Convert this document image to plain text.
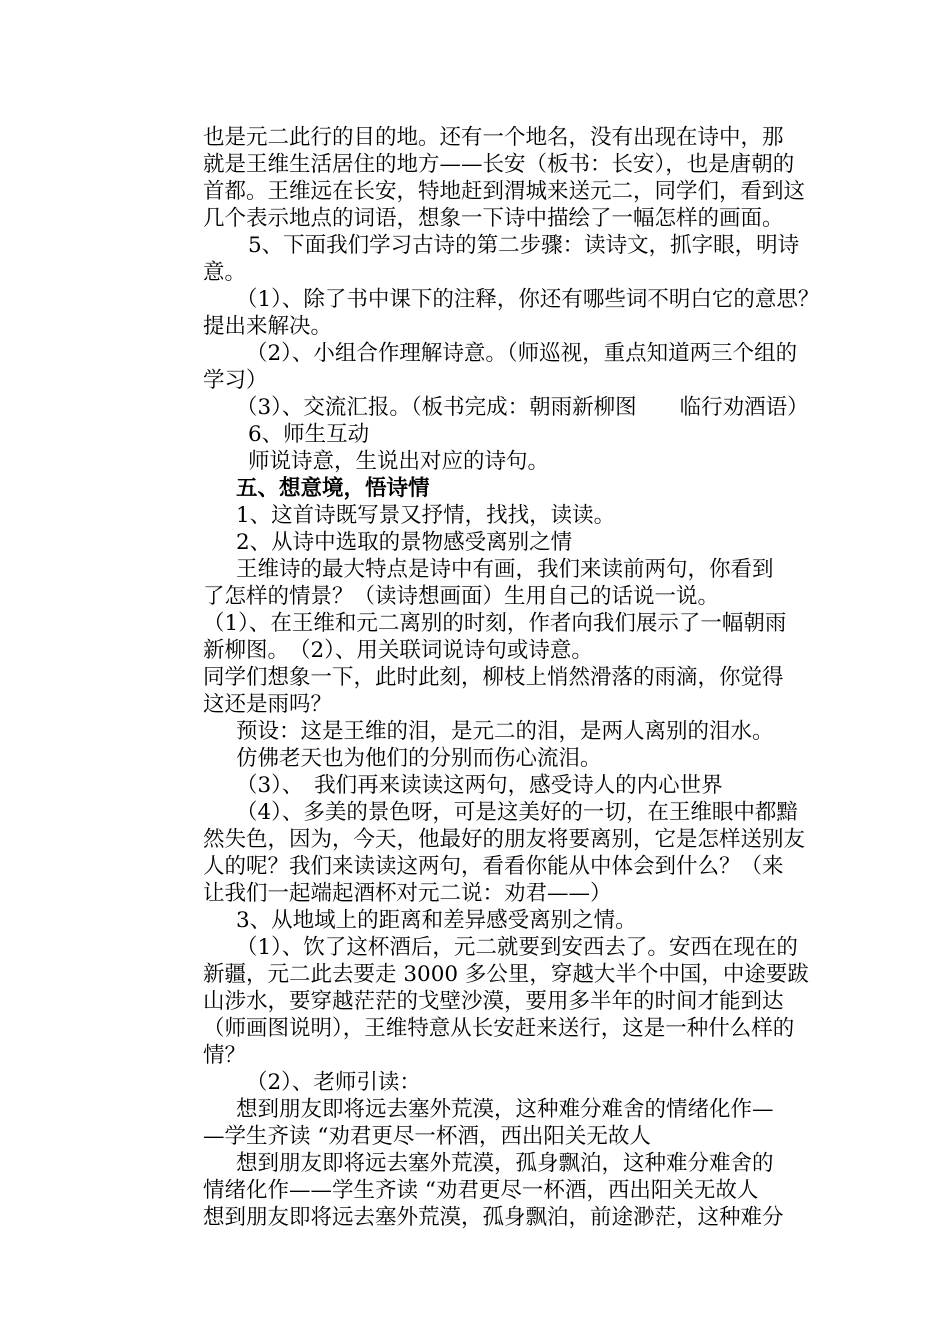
也是元二此行的目的地。还有一个地名，没有出现在诗中，那
就是王维生活居住的地方——长安（板书：长安），也是唐朝的
首都。王维远在长安，特地赶到渭城来送元二，同学们，看到这
几个表示地点的词语，想象一下诗中描绘了一幅怎样的画面。
5、下面我们学习古诗的第二步骤：读诗文，抓字眼，明诗
意。
（1）、除了书中课下的注释，你还有哪些词不明白它的意思？
提出来解决。
（2）、小组合作理解诗意。（师巡视，重点知道两三个组的
学习）
（3）、交流汇报。（板书完成：朝雨新柳图　　临行劝酒语）
6、师生互动
师说诗意，生说出对应的诗句。
五、想意境，悟诗情
1、这首诗既写景又抒情，找找，读读。
2、从诗中选取的景物感受离别之情
王维诗的最大特点是诗中有画，我们来读前两句，你看到
了怎样的情景？（读诗想画面）生用自己的话说一说。
（1）、在王维和元二离别的时刻，作者向我们展示了一幅朝雨
新柳图。　（2）、用关联词说诗句或诗意。
同学们想象一下，此时此刻，柳枝上悄然滑落的雨滴，你觉得
这还是雨吗？
预设：这是王维的泪，是元二的泪，是两人离别的泪水。
仿佛老天也为他们的分别而伤心流泪。
（3）、　我们再来读读这两句，感受诗人的内心世界
（4）、多美的景色呀，可是这美好的一切，在王维眼中都黯
然失色，因为，今天，他最好的朋友将要离别，它是怎样送别友
人的呢？我们来读读这两句，看看你能从中体会到什么？（来
让我们一起端起酒杯对元二说：劝君——）
3、从地域上的距离和差异感受离别之情。
（1）、饮了这杯酒后，元二就要到安西去了。安西在现在的
新疆，元二此去要走 3000 多公里，穿越大半个中国，中途要跋
山涉水，要穿越茫茫的戈壁沙漠，要用多半年的时间才能到达
（师画图说明），王维特意从长安赶来送行，这是一种什么样的
情？
（2）、老师引读：
想到朋友即将远去塞外荒漠，这种难分难舍的情绪化作—
—学生齐读 “劝君更尽一杯酒，西出阳关无故人
想到朋友即将远去塞外荒漠，孤身飘泊，这种难分难舍的
情绪化作——学生齐读 “劝君更尽一杯酒，西出阳关无故人
想到朋友即将远去塞外荒漠，孤身飘泊，前途渺茫，这种难分
